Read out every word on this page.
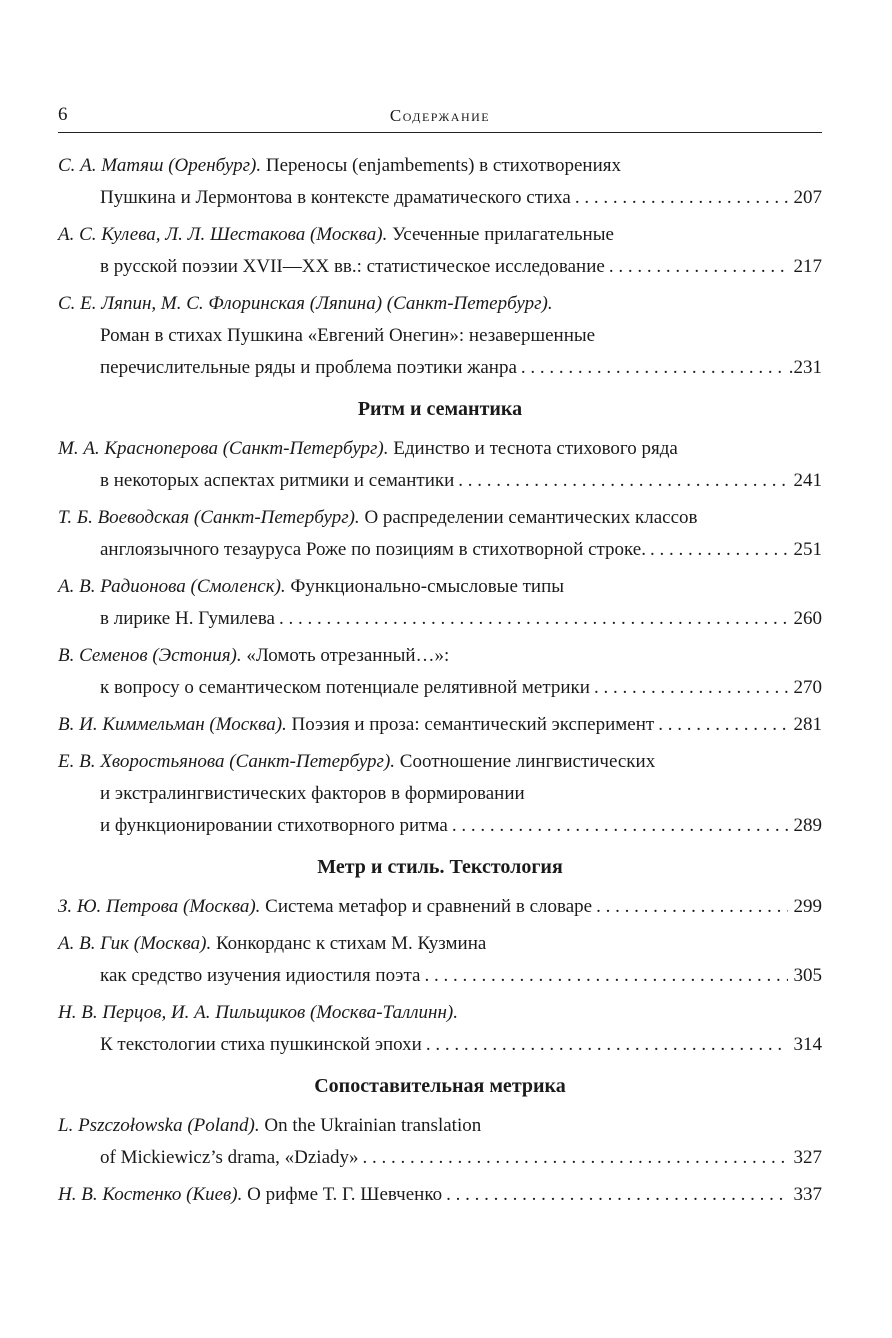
6	Содержание
С. А. Матяш (Оренбург).
Переносы (enjambements) в стихотворениях
Пушкина и Лермонтова в контексте драматического стиха . . .	207
А. С. Кулева, Л. Л. Шестакова (Москва).
Усеченные прилагательные
в русской поэзии XVII—XX вв.: статистическое исследование . . .	217
С. Е. Ляпин, М. С. Флоринская (Ляпина) (Санкт-Петербург).
Роман в стихах Пушкина «Евгений Онегин»: незавершенные
перечислительные ряды и проблема поэтики жанра . . .	.231
Ритм и семантика
М. А. Красноперова (Санкт-Петербург).
Единство и теснота стихового ряда
в некоторых аспектах ритмики и семантики . . .	241
Т. Б. Воеводская (Санкт-Петербург).
О распределении семантических классов
англоязычного тезауруса Роже по позициям в стихотворной строке. . . .	251
А. В. Радионова (Смоленск).
Функционально-смысловые типы
в лирике Н. Гумилева . . .	260
В. Семенов (Эстония).
«Ломоть отрезанный…»:
к вопросу о семантическом потенциале релятивной метрики . . .	270
В. И. Киммельман (Москва).
Поэзия и проза: семантический эксперимент . . .	281
Е. В. Хворостьянова (Санкт-Петербург).
Соотношение лингвистических
и экстралингвистических факторов в формировании
и функционировании стихотворного ритма . . .	289
Метр и стиль. Текстология
З. Ю. Петрова (Москва).
Система метафор и сравнений в словаре . . .	299
А. В. Гик (Москва).
Конкорданс к стихам М. Кузмина
как средство изучения идиостиля поэта . . .	305
Н. В. Перцов, И. А. Пильщиков (Москва-Таллинн).
К текстологии стиха пушкинской эпохи . . .	314
Сопоставительная метрика
L. Pszczołowska (Poland).
On the Ukrainian translation
of Mickiewicz’s drama, «Dziady» . . .	327
Н. В. Костенко (Киев).
О рифме Т. Г. Шевченко . . .	337
